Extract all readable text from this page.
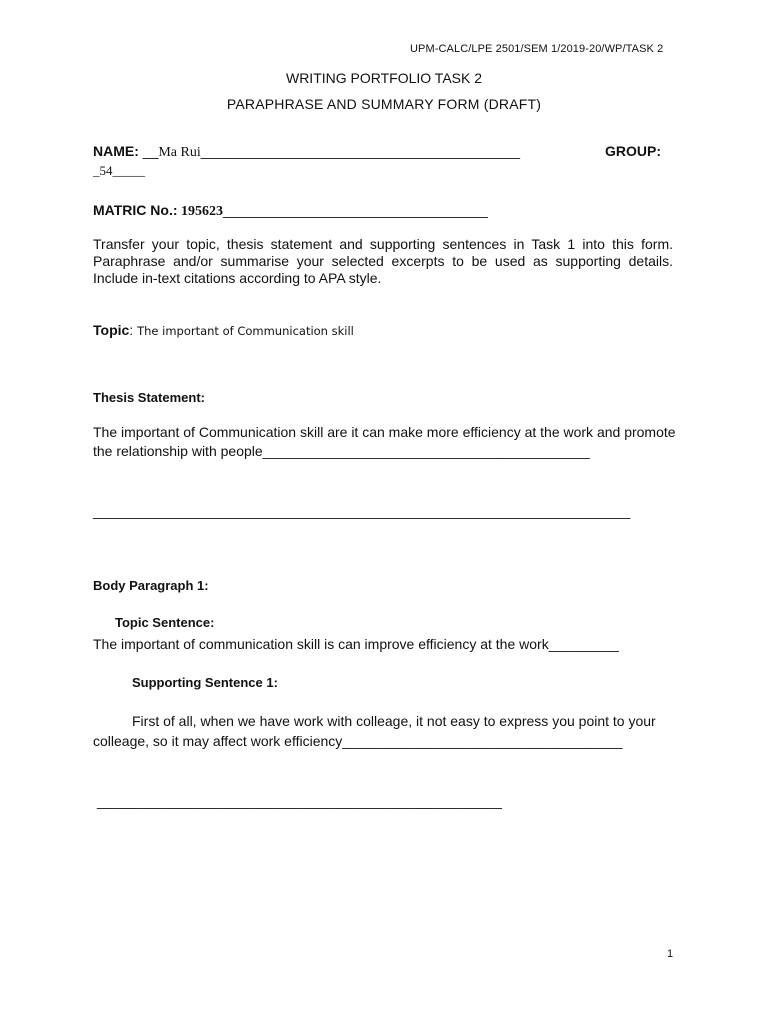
UPM-CALC/LPE 2501/SEM 1/2019-20/WP/TASK 2

WRITING PORTFOLIO TASK 2

PARAPHRASE AND SUMMARY FORM (DRAFT)

NAME: __Ma Rui_________________________________________	GROUP:

_54_____

MATRIC No.: 195623__________________________________

Transfer your topic, thesis statement and supporting sentences in Task 1 into this form. Paraphrase and/or summarise your selected excerpts to be used as supporting details. Include in-text citations according to APA style.

Topic: The important of Communication skill

Thesis Statement:

The important of Communication skill are it can make more efficiency at the work and promote the relationship with people__________________________________________

_____________________________________________________________________

Body Paragraph 1:

Topic Sentence:

The important of communication skill is can improve efficiency at the work_________

Supporting Sentence 1:

First of all, when we have work with colleage, it not easy to express you point to your colleage, so it may affect work efficiency____________________________________

____________________________________________________

1
